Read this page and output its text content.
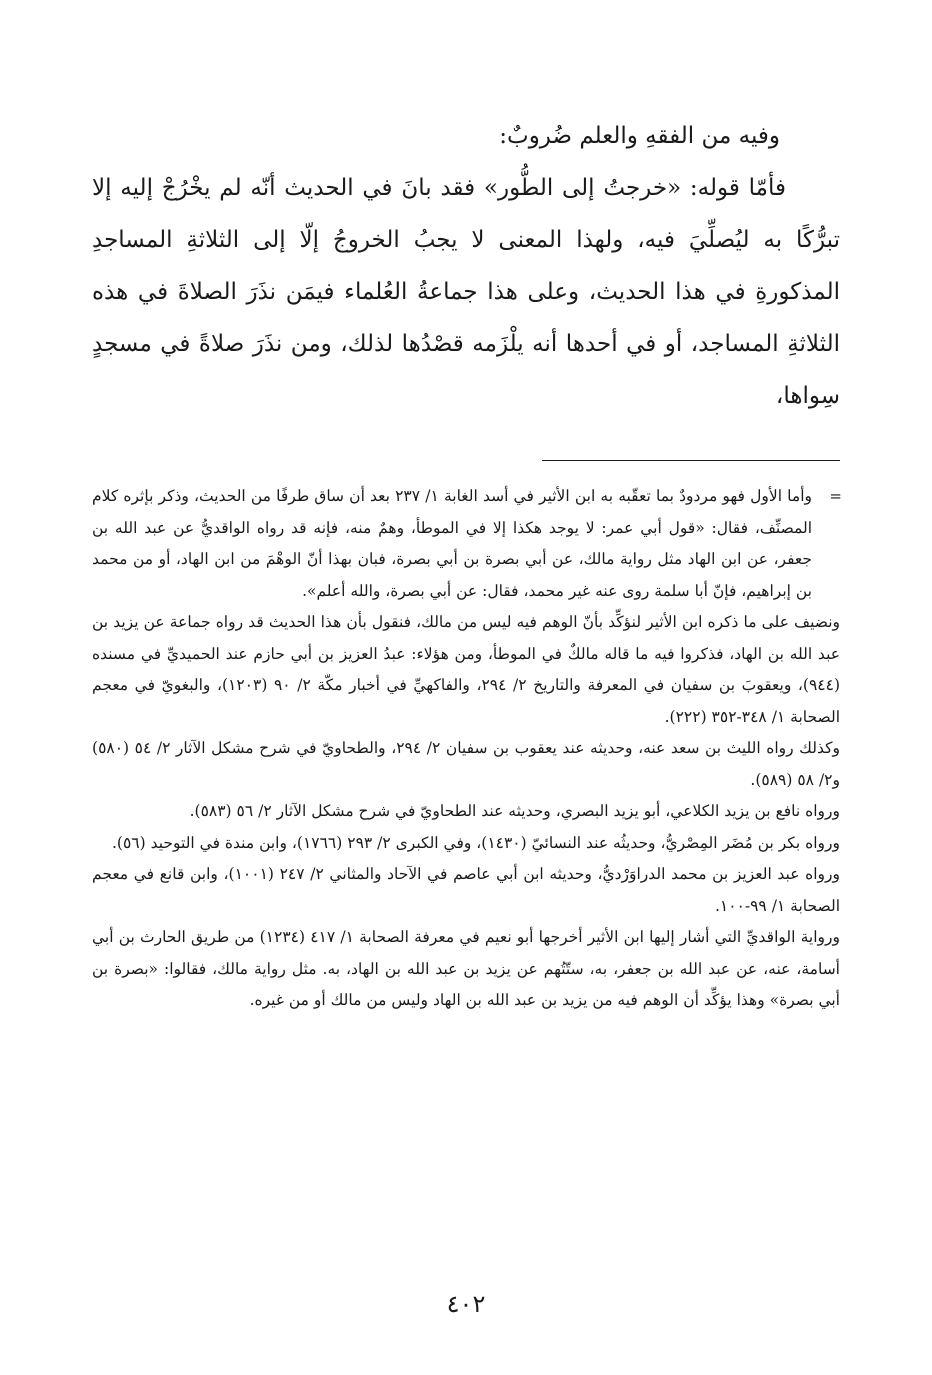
وفيه من الفقهِ والعلم ضُروبٌ:

فأمّا قوله: «خرجتُ إلى الطُّور» فقد بانَ في الحديث أنّه لم يخْرُجْ إليه إلا تبرُّكًا به ليُصلِّيَ فيه، ولهذا المعنى لا يجبُ الخروجُ إلّا إلى الثلاثةِ المساجدِ المذكورةِ في هذا الحديث، وعلى هذا جماعةُ العُلماء فيمَن نذَرَ الصلاةَ في هذه الثلاثةِ المساجد، أو في أحدها أنه يلْزَمه قصْدُها لذلك، ومن نذَرَ صلاةً في مسجدٍ سِواها،

=
وأما الأول فهو مردودٌ بما تعقّبه به ابن الأثير في أسد الغابة ١/ ٢٣٧ بعد أن ساق طرفًا من الحديث، وذكر بإثره كلام المصنِّف، فقال: «قول أبي عمر: لا يوجد هكذا إلا في الموطأ، وهمٌ منه، فإنه قد رواه الواقديُّ عن عبد الله بن جعفر، عن ابن الهاد مثل رواية مالك، عن أبي بصرة بن أبي بصرة، فبان بهذا أنّ الوهْمَ من ابن الهاد، أو من محمد بن إبراهيم، فإنّ أبا سلمة روى عنه غير محمد، فقال: عن أبي بصرة، والله أعلم».

ونضيف على ما ذكره ابن الأثير لنؤكِّد بأنّ الوهم فيه ليس من مالك، فنقول بأن هذا الحديث قد رواه جماعة عن يزيد بن عبد الله بن الهاد، فذكروا فيه ما قاله مالكٌ في الموطأ، ومن هؤلاء: عبدُ العزيز بن أبي حازم عند الحميديِّ في مسنده (٩٤٤)، ويعقوبَ بن سفيان في المعرفة والتاريخ ٢/ ٢٩٤، والفاكهيِّ في أخبار مكّة ٢/ ٩٠ (١٢٠٣)، والبغويّ في معجم الصحابة ١/ ٣٤٨-٣٥٢ (٢٢٢).

وكذلك رواه الليث بن سعد عنه، وحديثه عند يعقوب بن سفيان ٢/ ٢٩٤، والطحاويّ في شرح مشكل الآثار ٢/ ٥٤ (٥٨٠) و٢/ ٥٨ (٥٨٩).

ورواه نافع بن يزيد الكلاعي، أبو يزيد البصري، وحديثه عند الطحاويّ في شرح مشكل الآثار ٢/ ٥٦ (٥٨٣).

ورواه بكر بن مُضَر المِصْريُّ، وحديثُه عند النسائيّ (١٤٣٠)، وفي الكبرى ٢/ ٢٩٣ (١٧٦٦)، وابن مندة في التوحيد (٥٦).

ورواه عبد العزيز بن محمد الدراوَرْديُّ، وحديثه ابن أبي عاصم في الآحاد والمثاني ٢/ ٢٤٧ (١٠٠١)، وابن قانع في معجم الصحابة ١/ ٩٩-١٠٠.

ورواية الواقديِّ التي أشار إليها ابن الأثير أخرجها أبو نعيم في معرفة الصحابة ١/ ٤١٧ (١٢٣٤) من طريق الحارث بن أبي أسامة، عنه، عن عبد الله بن جعفر، به، ستّتُهم عن يزيد بن عبد الله بن الهاد، به. مثل رواية مالك، فقالوا: «بصرة بن أبي بصرة» وهذا يؤكِّد أن الوهم فيه من يزيد بن عبد الله بن الهاد وليس من مالك أو من غيره.

٤٠٢
